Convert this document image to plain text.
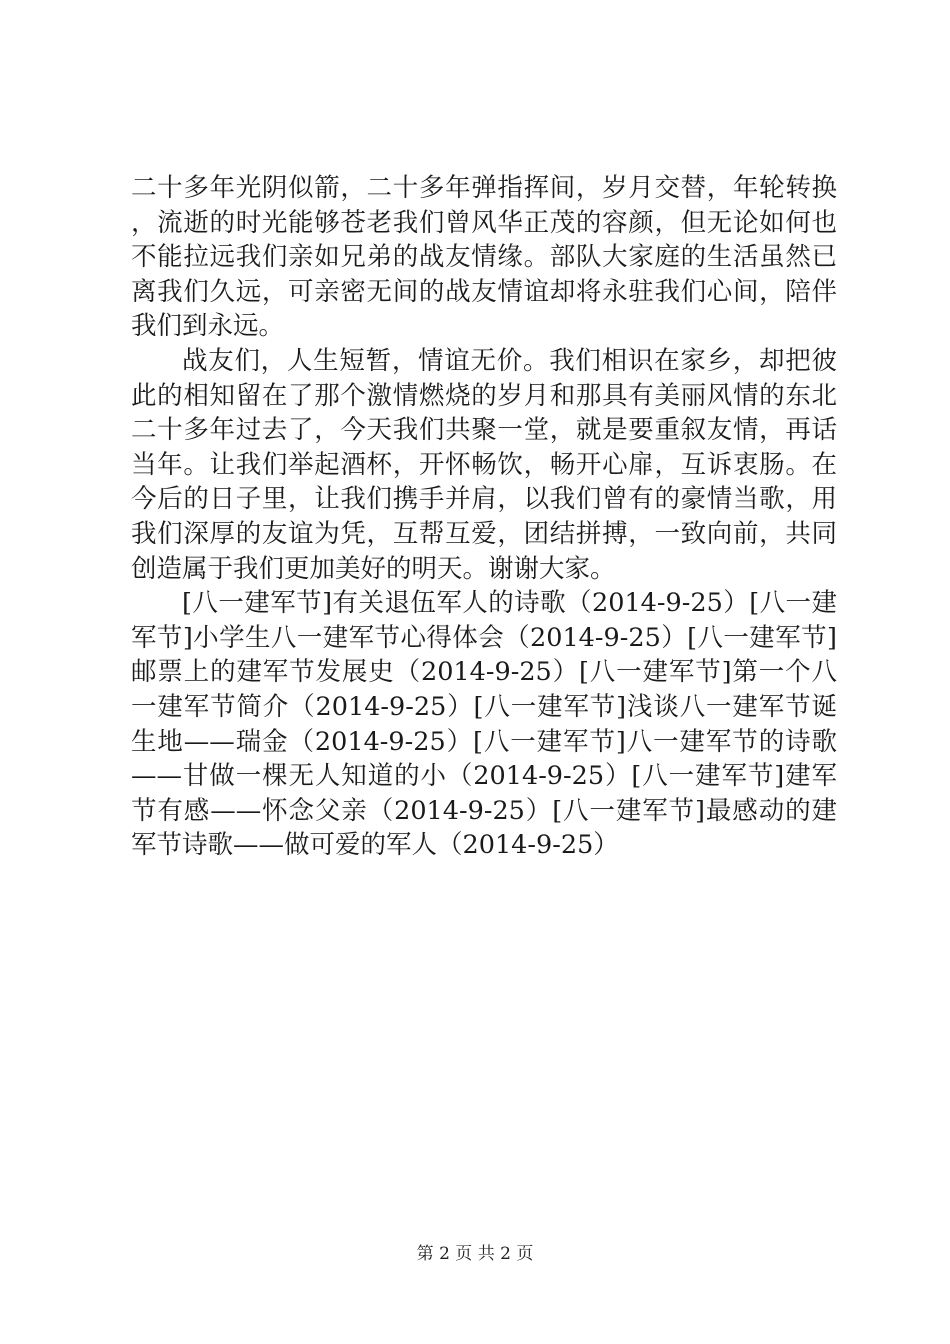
二十多年光阴似箭，二十多年弹指挥间，岁月交替，年轮转换，流逝的时光能够苍老我们曾风华正茂的容颜，但无论如何也不能拉远我们亲如兄弟的战友情缘。部队大家庭的生活虽然已离我们久远，可亲密无间的战友情谊却将永驻我们心间，陪伴我们到永远。

战友们，人生短暂，情谊无价。我们相识在家乡，却把彼此的相知留在了那个激情燃烧的岁月和那具有美丽风情的东北二十多年过去了，今天我们共聚一堂，就是要重叙友情，再话当年。让我们举起酒杯，开怀畅饮，畅开心扉，互诉衷肠。在今后的日子里，让我们携手并肩，以我们曾有的豪情当歌，用我们深厚的友谊为凭，互帮互爱，团结拼搏，一致向前，共同创造属于我们更加美好的明天。谢谢大家。

[八一建军节]有关退伍军人的诗歌（2014-9-25）[八一建军节]小学生八一建军节心得体会（2014-9-25）[八一建军节]邮票上的建军节发展史（2014-9-25）[八一建军节]第一个八一建军节简介（2014-9-25）[八一建军节]浅谈八一建军节诞生地——瑞金（2014-9-25）[八一建军节]八一建军节的诗歌——甘做一棵无人知道的小（2014-9-25）[八一建军节]建军节有感——怀念父亲（2014-9-25）[八一建军节]最感动的建军节诗歌——做可爱的军人（2014-9-25）

第 2 页 共 2 页
